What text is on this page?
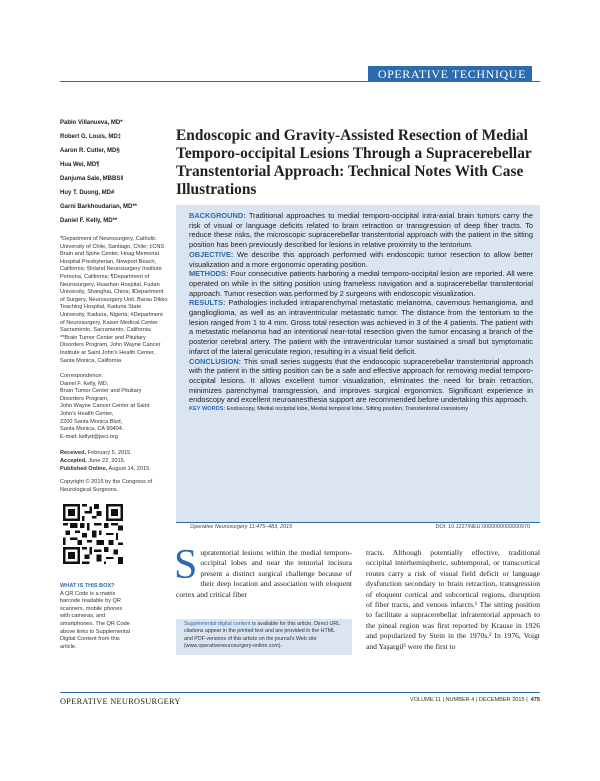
OPERATIVE TECHNIQUE
Pablo Villanueva, MD*
Robert G. Louis, MD‡
Aaron R. Cutler, MD§
Hua Wei, MD¶
Danjuma Sale, MBBS‖
Huy T. Duong, MD#
Garni Barkhoudarian, MD**
Daniel F. Kelly, MD**
*Department of Neurosurgery, Catholic University of Chile, Santiago, Chile; ‡CNS Brain and Spine Center, Hoag Memorial Hospital Presbyterian, Newport Beach, California; §Inland Neurosurgery Institute Pomona, California; ¶Department of Neurosurgery, Huashan Hospital, Fudan University, Shanghai, China; ‖Department of Surgery, Neurosurgery Unit, Barau Dikko Teaching Hospital, Kaduna State University, Kaduna, Nigeria; #Department of Neurosurgery, Kaiser Medical Center Sacramento, Sacramento, California; **Brain Tumor Center and Pituitary Disorders Program, John Wayne Cancer Institute at Saint John's Health Center, Santa Monica, California
Correspondence:
Daniel F. Kelly, MD,
Brain Tumor Center and Pituitary
Disorders Program,
John Wayne Cancer Center at Saint
John's Health Center,
2200 Santa Monica Blvd,
Santa Monica, CA 90404.
E-mail: kellyd@jwci.org
Received, February 5, 2015.
Accepted, June 22, 2015.
Published Online, August 14, 2015.
Copyright © 2015 by the Congress of Neurological Surgeons.
WHAT IS THIS BOX?
A QR Code is a matrix barcode readable by QR scanners, mobile phones with cameras, and smartphones. The QR Code above links to Supplemental Digital Content from this article.
Endoscopic and Gravity-Assisted Resection of Medial Temporo-occipital Lesions Through a Supracerebellar Transtentorial Approach: Technical Notes With Case Illustrations

BACKGROUND: Traditional approaches to medial temporo-occipital intra-axial brain tumors carry the risk of visual or language deficits related to brain retraction or transgression of deep fiber tracts. To reduce these risks, the microscopic supracerebellar transtentorial approach with the patient in the sitting position has been previously described for lesions in relative proximity to the tentorium.

OBJECTIVE: We describe this approach performed with endoscopic tumor resection to allow better visualization and a more ergonomic operating position.

METHODS: Four consecutive patients harboring a medial temporo-occipital lesion are reported. All were operated on while in the sitting position using frameless navigation and a supracerebellar transtentorial approach. Tumor resection was performed by 2 surgeons with endoscopic visualization.

RESULTS: Pathologies included intraparenchymal metastatic melanoma, cavernous hemangioma, and ganglioglioma, as well as an intraventricular metastatic tumor. The distance from the tentorium to the lesion ranged from 1 to 4 mm. Gross total resection was achieved in 3 of the 4 patients. The patient with a metastatic melanoma had an intentional near-total resection given the tumor encasing a branch of the posterior cerebral artery. The patient with the intraventricular tumor sustained a small but symptomatic infarct of the lateral geniculate region, resulting in a visual field deficit.

CONCLUSION: This small series suggests that the endoscopic supracerebellar transtentorial approach with the patient in the sitting position can be a safe and effective approach for removing medial temporo-occipital lesions. It allows excellent tumor visualization, eliminates the need for brain retraction, minimizes parenchymal transgression, and improves surgical ergonomics. Significant experience in endoscopy and excellent neuroanesthesia support are recommended before undertaking this approach.

KEY WORDS: Endoscopy, Medial occipital lobe, Medial temporal lobe, Sitting position, Transtentorial craniotomy

Operative Neurosurgery 11:475–483, 2015	DOI: 10.1227/NEU.0000000000000970
Supratentorial lesions within the medial temporo-occipital lobes and near the tentorial incisura present a distinct surgical challenge because of their deep location and association with eloquent cortex and critical fiber
Supplemental digital content is available for this article. Direct URL citations appear in the printed text and are provided in the HTML and PDF versions of this article on the journal's Web site (www.operativeneurosurgery-online.com).
tracts. Although potentially effective, traditional occipital interhemispheric, subtemporal, or transcortical routes carry a risk of visual field deficit or language dysfunction secondary to brain retraction, transgression of eloquent cortical and subcortical regions, disruption of fiber tracts, and venous infarcts.¹ The sitting position to facilitate a supracerebellar infratentorial approach to the pineal region was first reported by Krause in 1926 and popularized by Stein in the 1970s.² In 1976, Voigt and Yaşargil³ were the first to
OPERATIVE NEUROSURGERY	VOLUME 11 | NUMBER 4 | DECEMBER 2015 | 475
